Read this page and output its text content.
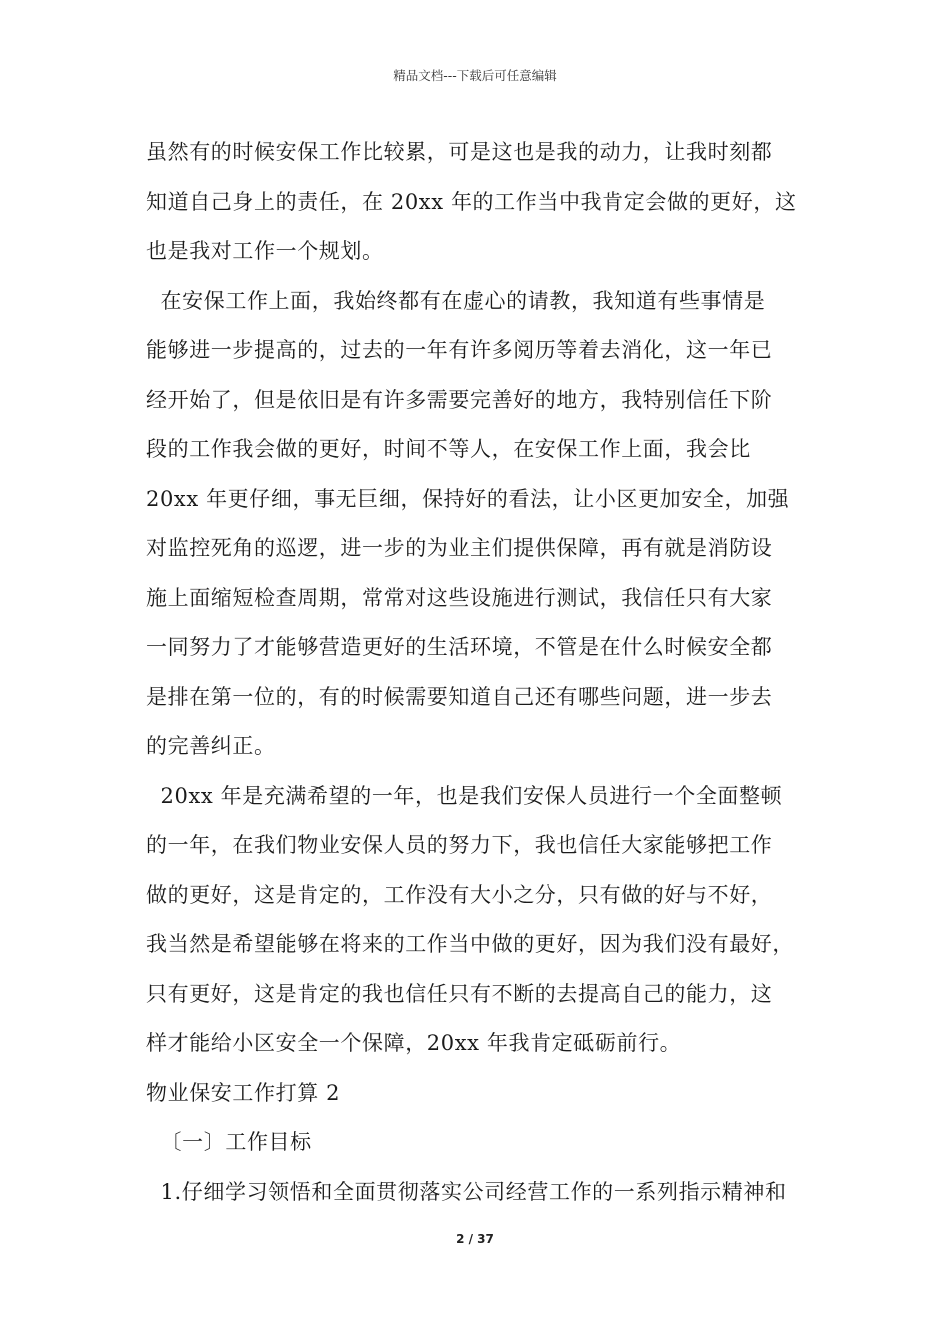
精品文档---下载后可任意编辑
虽然有的时候安保工作比较累，可是这也是我的动力，让我时刻都
知道自己身上的责任，在 20xx 年的工作当中我肯定会做的更好，这
也是我对工作一个规划。
在安保工作上面，我始终都有在虚心的请教，我知道有些事情是
能够进一步提高的，过去的一年有许多阅历等着去消化，这一年已
经开始了，但是依旧是有许多需要完善好的地方，我特别信任下阶
段的工作我会做的更好，时间不等人，在安保工作上面，我会比
20xx 年更仔细，事无巨细，保持好的看法，让小区更加安全，加强
对监控死角的巡逻，进一步的为业主们提供保障，再有就是消防设
施上面缩短检查周期，常常对这些设施进行测试，我信任只有大家
一同努力了才能够营造更好的生活环境，不管是在什么时候安全都
是排在第一位的，有的时候需要知道自己还有哪些问题，进一步去
的完善纠正。
20xx 年是充满希望的一年，也是我们安保人员进行一个全面整顿
的一年，在我们物业安保人员的努力下，我也信任大家能够把工作
做的更好，这是肯定的，工作没有大小之分，只有做的好与不好，
我当然是希望能够在将来的工作当中做的更好，因为我们没有最好，
只有更好，这是肯定的我也信任只有不断的去提高自己的能力，这
样才能给小区安全一个保障，20xx 年我肯定砥砺前行。
物业保安工作打算 2
〔一〕工作目标
1.仔细学习领悟和全面贯彻落实公司经营工作的一系列指示精神和
2 / 37
